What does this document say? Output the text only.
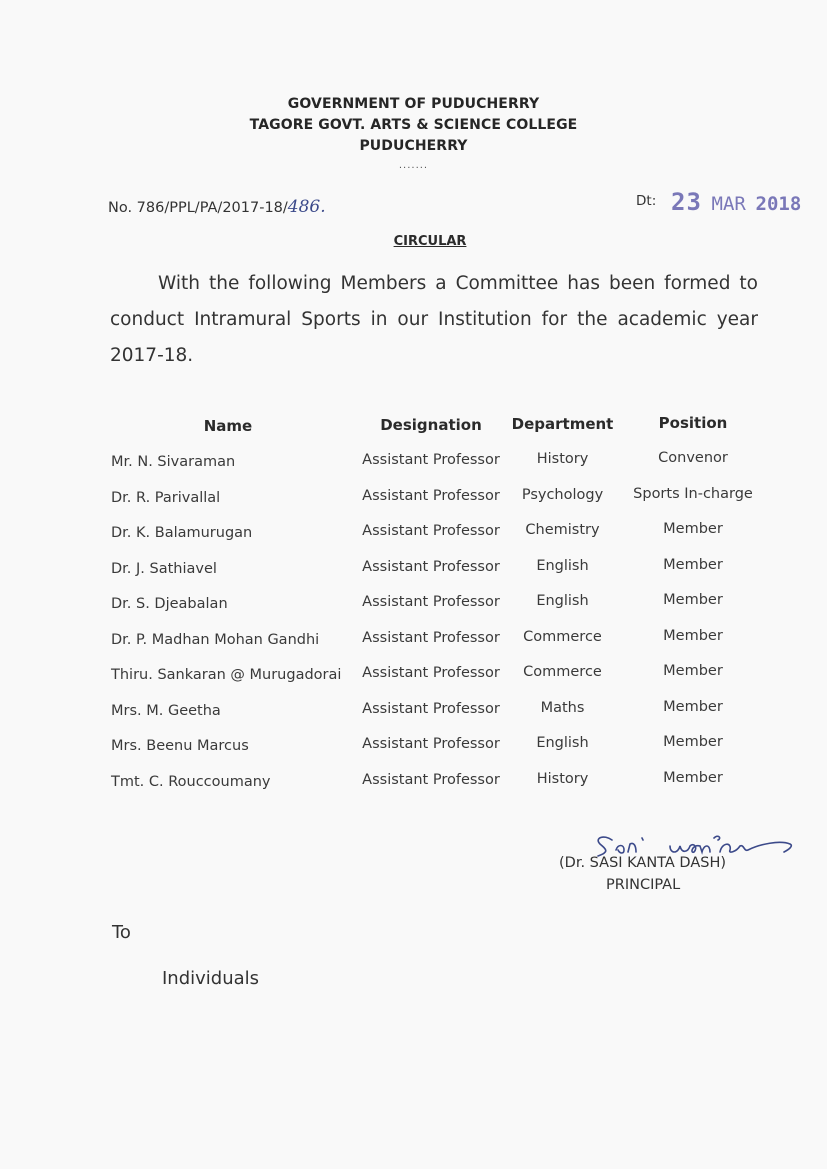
GOVERNMENT OF PUDUCHERRY
TAGORE GOVT. ARTS & SCIENCE COLLEGE
PUDUCHERRY
.......
No. 786/PPL/PA/2017-18/486.	Dt: 23 MAR 2018
CIRCULAR
With the following Members a Committee has been formed to conduct Intramural Sports in our Institution for the academic year 2017-18.
Name	Designation	Department	Position
Mr. N. Sivaraman	Assistant Professor	History	Convenor
Dr. R. Parivallal	Assistant Professor	Psychology	Sports In-charge
Dr. K. Balamurugan	Assistant Professor	Chemistry	Member
Dr. J. Sathiavel	Assistant Professor	English	Member
Dr. S. Djeabalan	Assistant Professor	English	Member
Dr. P. Madhan Mohan Gandhi	Assistant Professor	Commerce	Member
Thiru. Sankaran @ Murugadorai	Assistant Professor	Commerce	Member
Mrs. M. Geetha	Assistant Professor	Maths	Member
Mrs. Beenu Marcus	Assistant Professor	English	Member
Tmt. C. Rouccoumany	Assistant Professor	History	Member
(Dr. SASI KANTA DASH)
PRINCIPAL
To
Individuals
